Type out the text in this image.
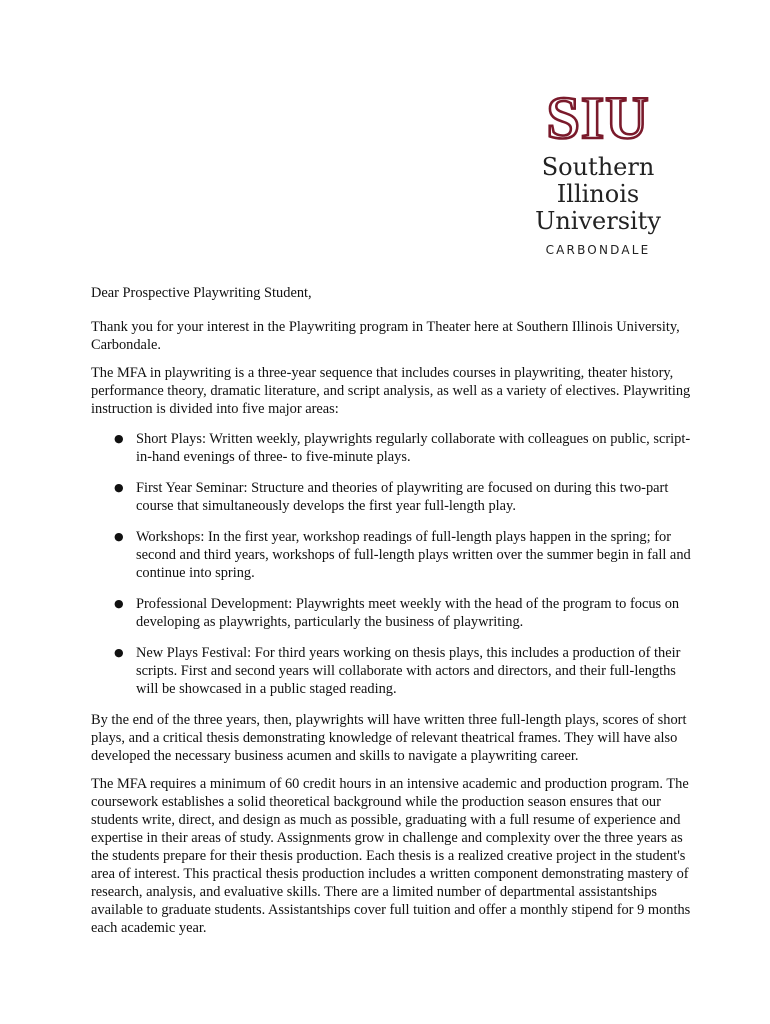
SIU
Southern
Illinois
University
CARBONDALE

Dear Prospective Playwriting Student,

Thank you for your interest in the Playwriting program in Theater here at Southern Illinois University, Carbondale.

The MFA in playwriting is a three-year sequence that includes courses in playwriting, theater history, performance theory, dramatic literature, and script analysis, as well as a variety of electives. Playwriting instruction is divided into five major areas:

● Short Plays: Written weekly, playwrights regularly collaborate with colleagues on public, script-in-hand evenings of three- to five-minute plays.
● First Year Seminar: Structure and theories of playwriting are focused on during this two-part course that simultaneously develops the first year full-length play.
● Workshops: In the first year, workshop readings of full-length plays happen in the spring; for second and third years, workshops of full-length plays written over the summer begin in fall and continue into spring.
● Professional Development: Playwrights meet weekly with the head of the program to focus on developing as playwrights, particularly the business of playwriting.
● New Plays Festival: For third years working on thesis plays, this includes a production of their scripts. First and second years will collaborate with actors and directors, and their full-lengths will be showcased in a public staged reading.

By the end of the three years, then, playwrights will have written three full-length plays, scores of short plays, and a critical thesis demonstrating knowledge of relevant theatrical frames. They will have also developed the necessary business acumen and skills to navigate a playwriting career.

The MFA requires a minimum of 60 credit hours in an intensive academic and production program. The coursework establishes a solid theoretical background while the production season ensures that our students write, direct, and design as much as possible, graduating with a full resume of experience and expertise in their areas of study. Assignments grow in challenge and complexity over the three years as the students prepare for their thesis production. Each thesis is a realized creative project in the student's area of interest. This practical thesis production includes a written component demonstrating mastery of research, analysis, and evaluative skills. There are a limited number of departmental assistantships available to graduate students. Assistantships cover full tuition and offer a monthly stipend for 9 months each academic year.
